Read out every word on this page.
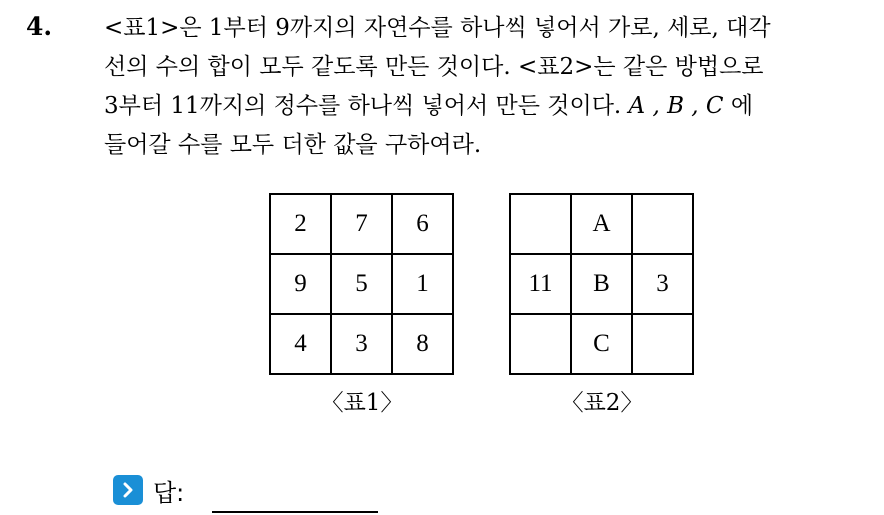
4. <표1>은 1부터 9까지의 자연수를 하나씩 넣어서 가로, 세로, 대각
선의 수의 합이 모두 같도록 만든 것이다. <표2>는 같은 방법으로
3부터 11까지의 정수를 하나씩 넣어서 만든 것이다. A , B , C 에
들어갈 수를 모두 더한 값을 구하여라.
2	7	6
9	5	1
4	3	8
	A	
11	B	3
	C	
〈표1〉	〈표2〉
답:
